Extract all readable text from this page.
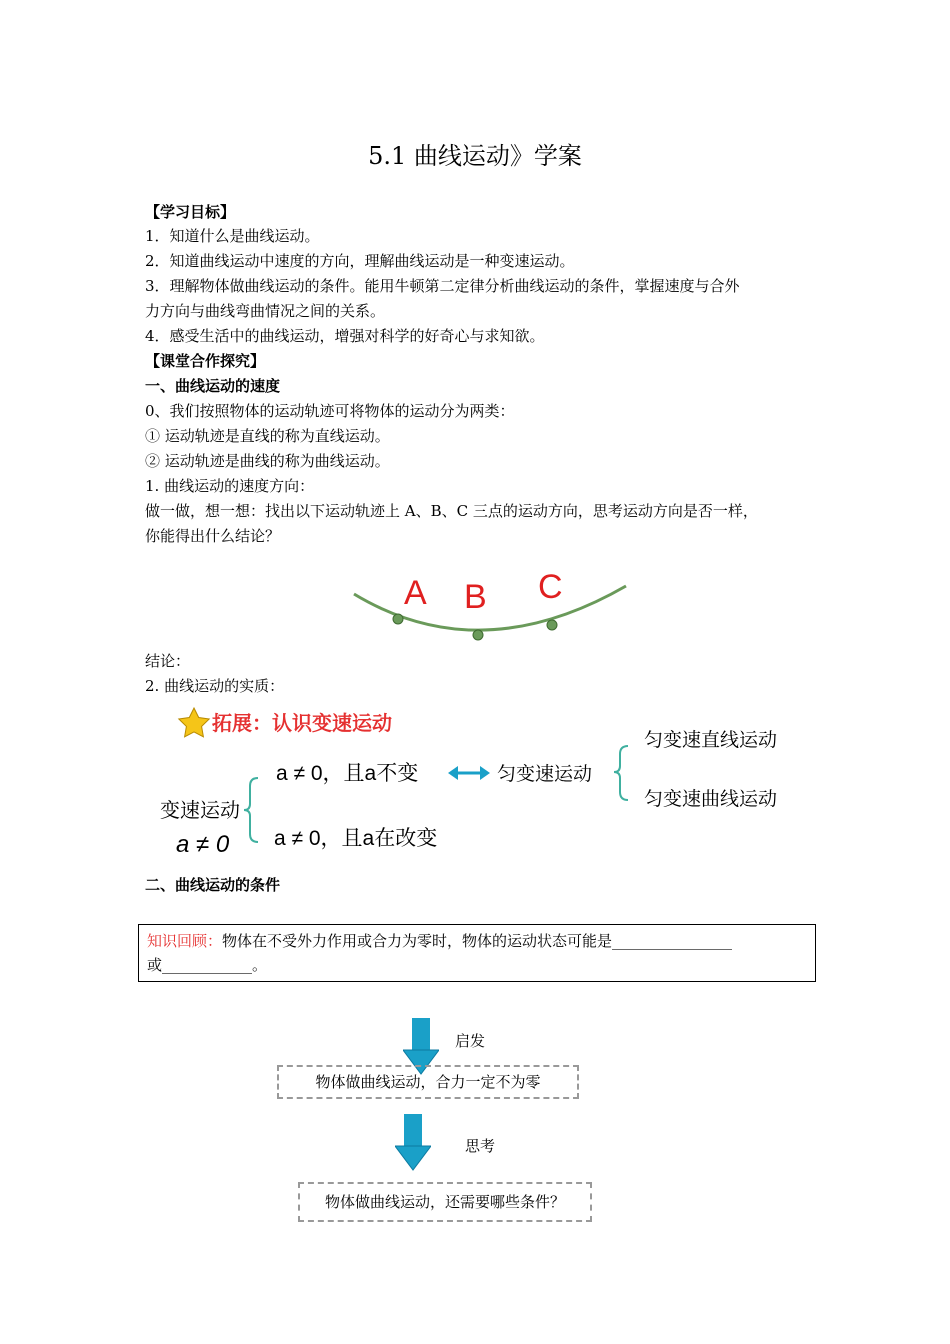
5.1 曲线运动》学案
【学习目标】
1．知道什么是曲线运动。
2．知道曲线运动中速度的方向，理解曲线运动是一种变速运动。
3．理解物体做曲线运动的条件。能用牛顿第二定律分析曲线运动的条件，掌握速度与合外
力方向与曲线弯曲情况之间的关系。
4．感受生活中的曲线运动，增强对科学的好奇心与求知欲。
【课堂合作探究】
一、曲线运动的速度
0、我们按照物体的运动轨迹可将物体的运动分为两类：
① 运动轨迹是直线的称为直线运动。
② 运动轨迹是曲线的称为曲线运动。
1. 曲线运动的速度方向：
做一做，想一想：找出以下运动轨迹上 A、B、C 三点的运动方向，思考运动方向是否一样，
你能得出什么结论？
A B C
结论：
2. 曲线运动的实质：
拓展：认识变速运动
变速运动
a ≠ 0
a ≠ 0，且a不变
a ≠ 0，且a在改变
匀变速运动
匀变速直线运动
匀变速曲线运动
二、曲线运动的条件
知识回顾：物体在不受外力作用或合力为零时，物体的运动状态可能是________________
或____________。
启发
物体做曲线运动，合力一定不为零
思考
物体做曲线运动，还需要哪些条件？
